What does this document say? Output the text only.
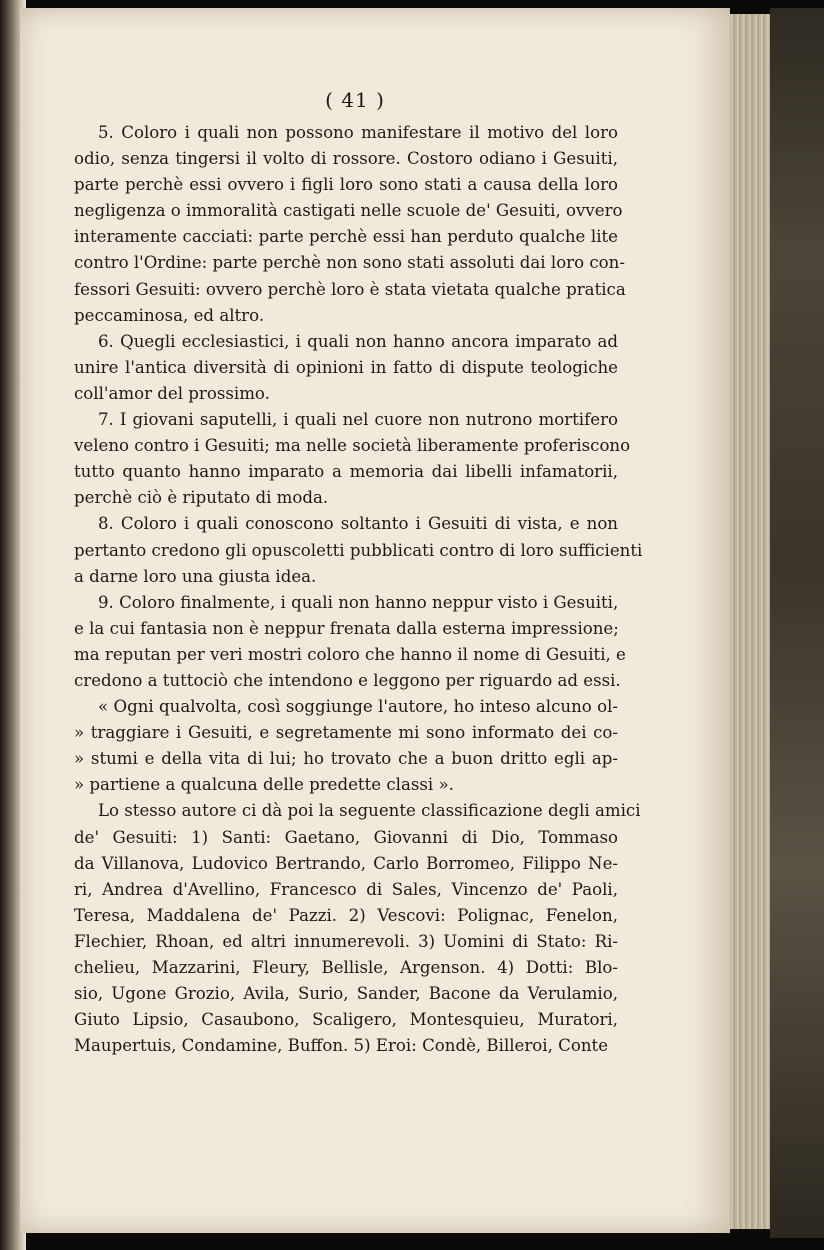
( 41 )
5. Coloro i quali non possono manifestare il motivo del loro
odio, senza tingersi il volto di rossore. Costoro odiano i Gesuiti,
parte perchè essi ovvero i figli loro sono stati a causa della loro
negligenza o immoralità castigati nelle scuole de' Gesuiti, ovvero
interamente cacciati: parte perchè essi han perduto qualche lite
contro l'Ordine: parte perchè non sono stati assoluti dai loro con-
fessori Gesuiti: ovvero perchè loro è stata vietata qualche pratica
peccaminosa, ed altro.
6. Quegli ecclesiastici, i quali non hanno ancora imparato ad
unire l'antica diversità di opinioni in fatto di dispute teologiche
coll'amor del prossimo.
7. I giovani saputelli, i quali nel cuore non nutrono mortifero
veleno contro i Gesuiti; ma nelle società liberamente proferiscono
tutto quanto hanno imparato a memoria dai libelli infamatorii,
perchè ciò è riputato di moda.
8. Coloro i quali conoscono soltanto i Gesuiti di vista, e non
pertanto credono gli opuscoletti pubblicati contro di loro sufficienti
a darne loro una giusta idea.
9. Coloro finalmente, i quali non hanno neppur visto i Gesuiti,
e la cui fantasia non è neppur frenata dalla esterna impressione;
ma reputan per veri mostri coloro che hanno il nome di Gesuiti, e
credono a tuttociò che intendono e leggono per riguardo ad essi.
« Ogni qualvolta, così soggiunge l'autore, ho inteso alcuno ol-
» traggiare i Gesuiti, e segretamente mi sono informato dei co-
» stumi e della vita di lui; ho trovato che a buon dritto egli ap-
» partiene a qualcuna delle predette classi ».
Lo stesso autore ci dà poi la seguente classificazione degli amici
de' Gesuiti: 1) Santi: Gaetano, Giovanni di Dio, Tommaso
da Villanova, Ludovico Bertrando, Carlo Borromeo, Filippo Ne-
ri, Andrea d'Avellino, Francesco di Sales, Vincenzo de' Paoli,
Teresa, Maddalena de' Pazzi. 2) Vescovi: Polignac, Fenelon,
Flechier, Rhoan, ed altri innumerevoli. 3) Uomini di Stato: Ri-
chelieu, Mazzarini, Fleury, Bellisle, Argenson. 4) Dotti: Blo-
sio, Ugone Grozio, Avila, Surio, Sander, Bacone da Verulamio,
Giuto Lipsio, Casaubono, Scaligero, Montesquieu, Muratori,
Maupertuis, Condamine, Buffon. 5) Eroi: Condè, Billeroi, Conte
